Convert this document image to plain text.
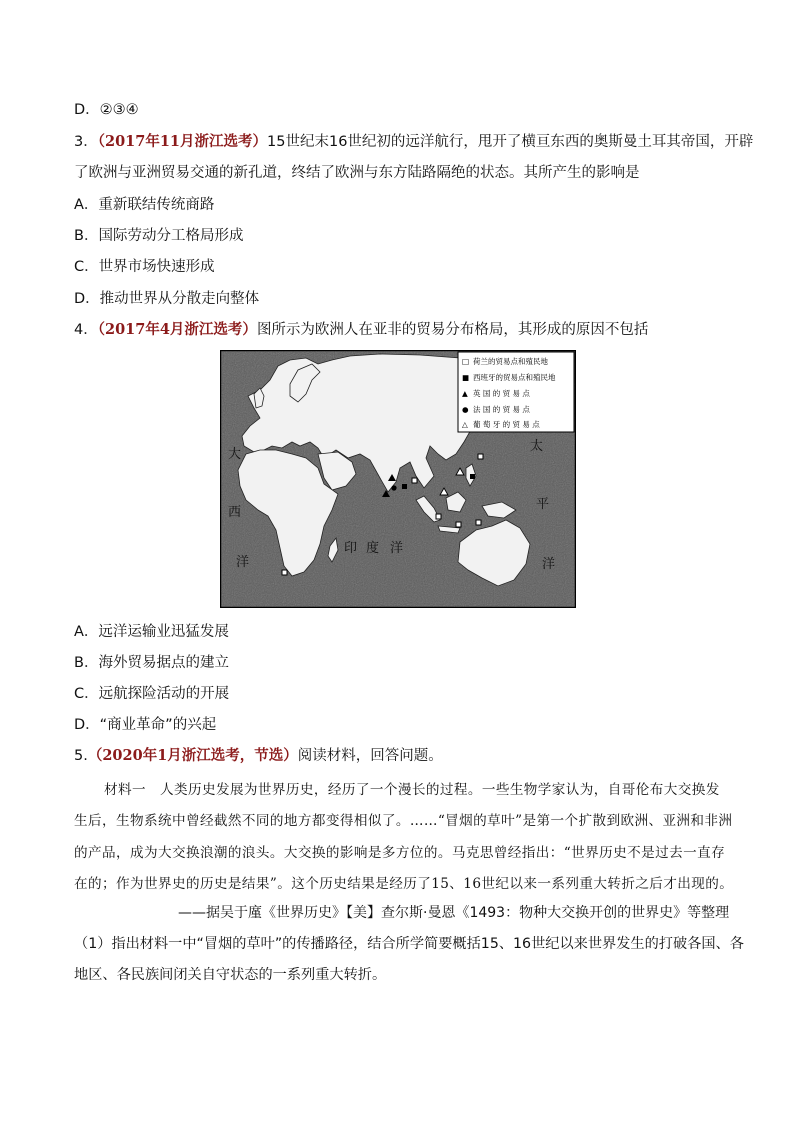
D．②③④
3．（2017年11月浙江选考）15世纪末16世纪初的远洋航行，甩开了横亘东西的奥斯曼土耳其帝国，开辟
了欧洲与亚洲贸易交通的新孔道，终结了欧洲与东方陆路隔绝的状态。其所产生的影响是
A．重新联结传统商路
B．国际劳动分工格局形成
C．世界市场快速形成
D．推动世界从分散走向整体
4．（2017年4月浙江选考）图所示为欧洲人在亚非的贸易分布格局，其形成的原因不包括
大
西
洋
印 度 洋
太
平
洋
□ 荷兰的贸易点和殖民地
■ 西班牙的贸易点和殖民地
▲ 英 国 的 贸 易 点
● 法 国 的 贸 易 点
△ 葡 萄 牙 的 贸 易 点
A．远洋运输业迅猛发展
B．海外贸易据点的建立
C．远航探险活动的开展
D．“商业革命”的兴起
5.（2020年1月浙江选考，节选）阅读材料，回答问题。
材料一　人类历史发展为世界历史，经历了一个漫长的过程。一些生物学家认为，自哥伦布大交换发
生后，生物系统中曾经截然不同的地方都变得相似了。……“冒烟的草叶”是第一个扩散到欧洲、亚洲和非洲
的产品，成为大交换浪潮的浪头。大交换的影响是多方位的。马克思曾经指出：“世界历史不是过去一直存
在的；作为世界史的历史是结果”。这个历史结果是经历了15、16世纪以来一系列重大转折之后才出现的。
——据吴于廑《世界历史》【美】查尔斯·曼恩《1493：物种大交换开创的世界史》等整理
（1）指出材料一中“冒烟的草叶”的传播路径，结合所学简要概括15、16世纪以来世界发生的打破各国、各
地区、各民族间闭关自守状态的一系列重大转折。
